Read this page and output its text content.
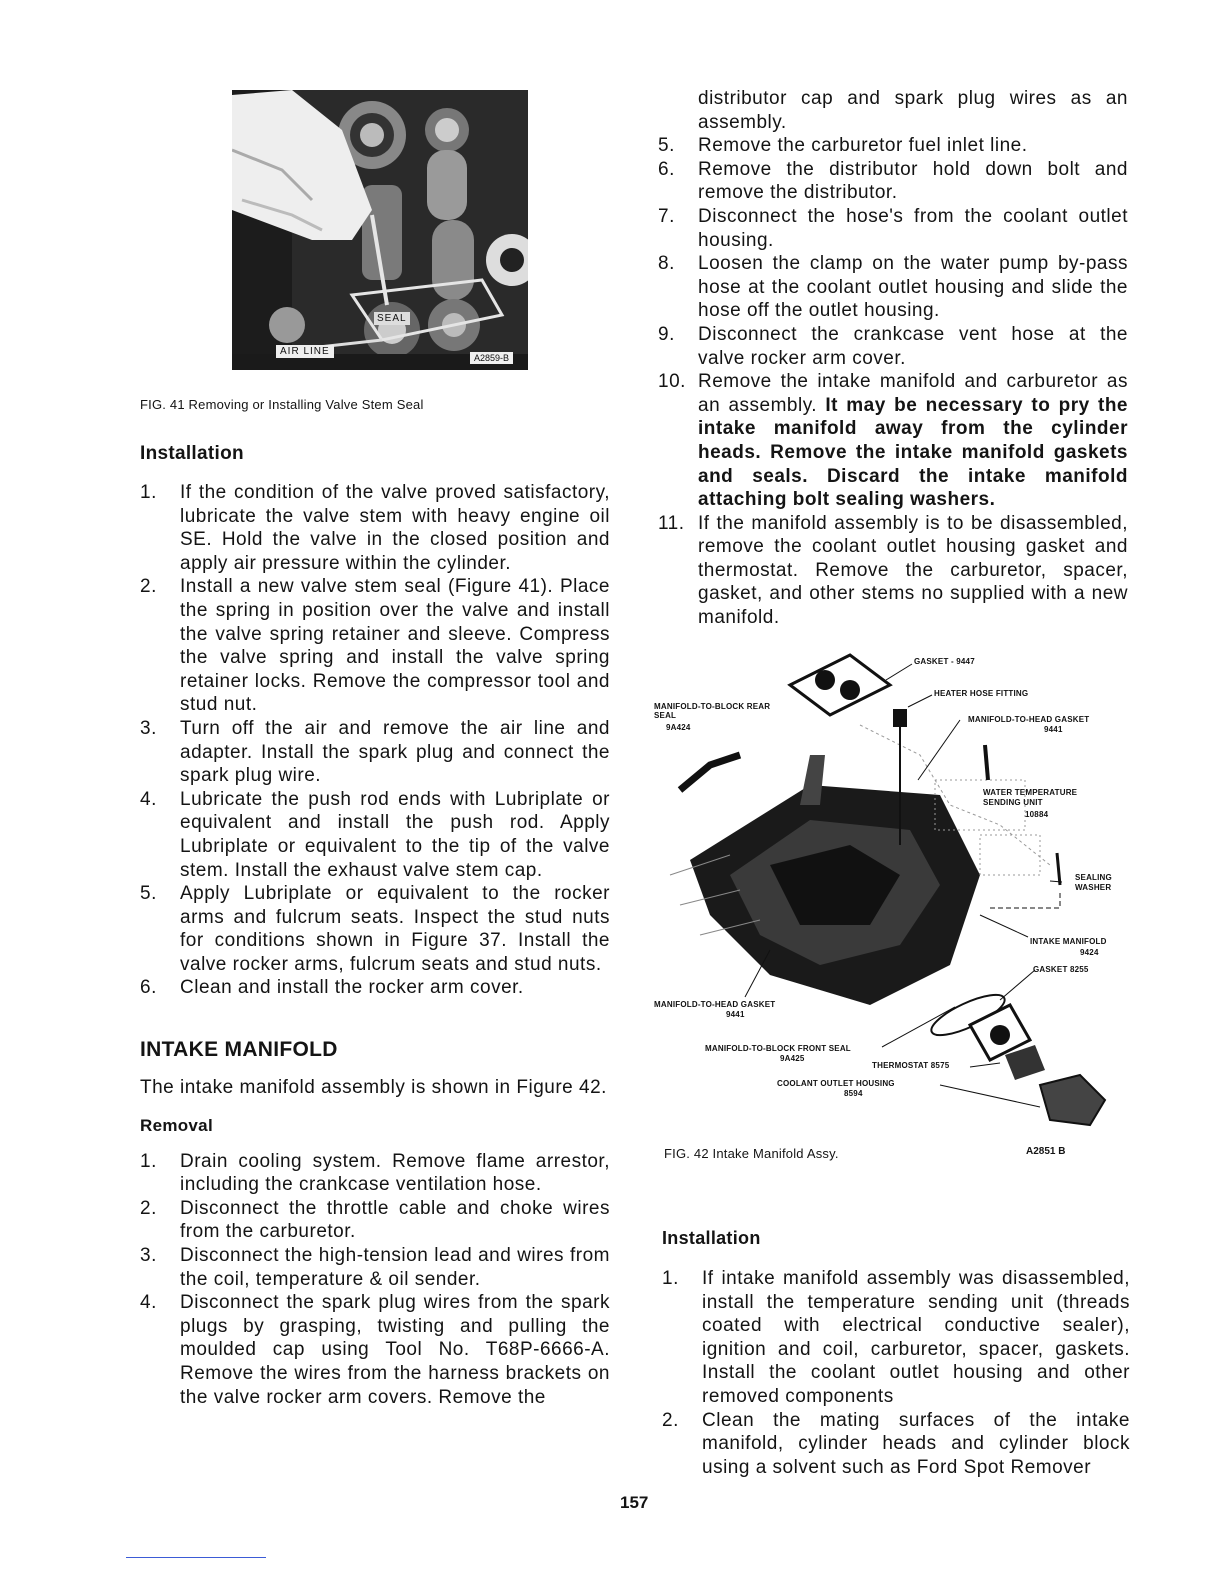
SEAL
AIR LINE
A2859-B
FIG. 41 Removing or Installing Valve Stem Seal
Installation
1. If the condition of the valve proved satisfactory, lubricate the valve stem with heavy engine oil SE. Hold the valve in the closed position and apply air pressure within the cylinder.
2. Install a new valve stem seal (Figure 41). Place the spring in position over the valve and install the valve spring retainer and sleeve. Compress the valve spring and install the valve spring retainer locks. Remove the compressor tool and stud nut.
3. Turn off the air and remove the air line and adapter. Install the spark plug and connect the spark plug wire.
4. Lubricate the push rod ends with Lubriplate or equivalent and install the push rod. Apply Lubriplate or equivalent to the tip of the valve stem. Install the exhaust valve stem cap.
5. Apply Lubriplate or equivalent to the rocker arms and fulcrum seats. Inspect the stud nuts for conditions shown in Figure 37. Install the valve rocker arms, fulcrum seats and stud nuts.
6. Clean and install the rocker arm cover.
INTAKE MANIFOLD

The intake manifold assembly is shown in Figure 42.

Removal
1. Drain cooling system. Remove flame arrestor, including the crankcase ventilation hose.
2. Disconnect the throttle cable and choke wires from the carburetor.
3. Disconnect the high-tension lead and wires from the coil, temperature & oil sender.
4. Disconnect the spark plug wires from the spark plugs by grasping, twisting and pulling the moulded cap using Tool No. T68P-6666-A. Remove the wires from the harness brackets on the valve rocker arm covers. Remove the

distributor cap and spark plug wires as an assembly.

5. Remove the carburetor fuel inlet line.
6. Remove the distributor hold down bolt and remove the distributor.
7. Disconnect the hose's from the coolant outlet housing.
8. Loosen the clamp on the water pump by-pass hose at the coolant outlet housing and slide the hose off the outlet housing.
9. Disconnect the crankcase vent hose at the valve rocker arm cover.
10. Remove the intake manifold and carburetor as an assembly. It may be necessary to pry the intake manifold away from the cylinder heads. Remove the intake manifold gaskets and seals. Discard the intake manifold attaching bolt sealing washers.
11. If the manifold assembly is to be disassembled, remove the coolant outlet housing gasket and thermostat. Remove the carburetor, spacer, gasket, and other stems no supplied with a new manifold.
GASKET - 9447
HEATER HOSE FITTING
MANIFOLD-TO-BLOCK REAR SEAL
9A424
MANIFOLD-TO-HEAD GASKET
9441
WATER TEMPERATURE SENDING UNIT
10884
SEALING WASHER
INTAKE MANIFOLD
9424
GASKET 8255
MANIFOLD-TO-HEAD GASKET
9441
MANIFOLD-TO-BLOCK FRONT SEAL
9A425
THERMOSTAT 8575
COOLANT OUTLET HOUSING
8594
FIG. 42 Intake Manifold Assy.	A2851 B
Installation
1. If intake manifold assembly was disassembled, install the temperature sending unit (threads coated with electrical conductive sealer), ignition and coil, carburetor, spacer, gaskets. Install the coolant outlet housing and other removed components
2. Clean the mating surfaces of the intake manifold, cylinder heads and cylinder block using a solvent such as Ford Spot Remover
157
